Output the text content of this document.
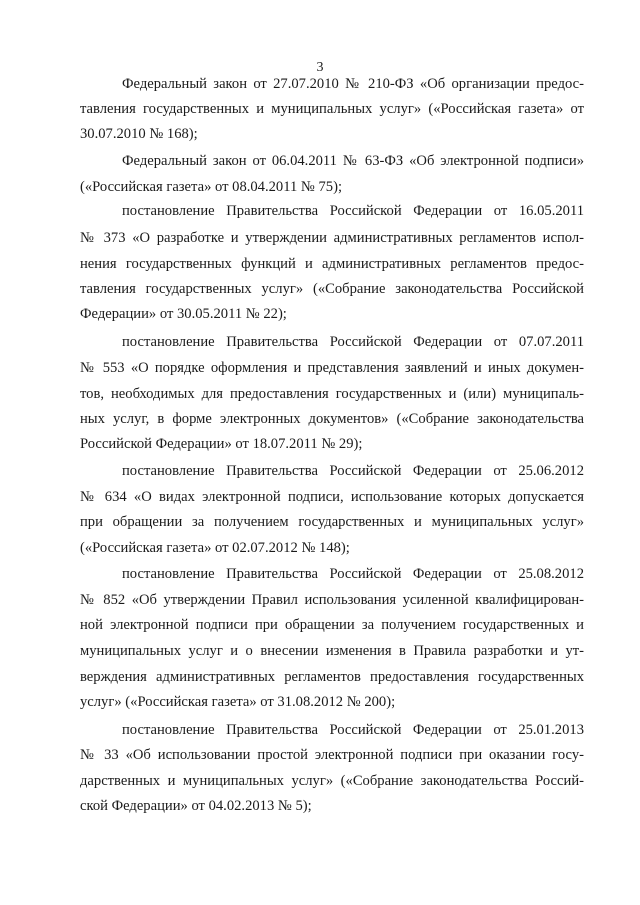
3
Федеральный закон от 27.07.2010 № 210-ФЗ «Об организации предос-
тавления государственных и муниципальных услуг» («Российская газета» от
30.07.2010 № 168);
Федеральный закон от 06.04.2011 № 63-ФЗ «Об электронной подписи»
(«Российская газета» от 08.04.2011 № 75);
постановление Правительства Российской Федерации от 16.05.2011
№ 373 «О разработке и утверждении административных регламентов испол-
нения государственных функций и административных регламентов предос-
тавления государственных услуг» («Собрание законодательства Российской
Федерации» от 30.05.2011 № 22);
постановление Правительства Российской Федерации от 07.07.2011
№ 553 «О порядке оформления и представления заявлений и иных докумен-
тов, необходимых для предоставления государственных и (или) муниципаль-
ных услуг, в форме электронных документов» («Собрание законодательства
Российской Федерации» от 18.07.2011 № 29);
постановление Правительства Российской Федерации от 25.06.2012
№ 634 «О видах электронной подписи, использование которых допускается
при обращении за получением государственных и муниципальных услуг»
(«Российская газета» от 02.07.2012 № 148);
постановление Правительства Российской Федерации от 25.08.2012
№ 852 «Об утверждении Правил использования усиленной квалифицирован-
ной электронной подписи при обращении за получением государственных и
муниципальных услуг и о внесении изменения в Правила разработки и ут-
верждения административных регламентов предоставления государственных
услуг» («Российская газета» от 31.08.2012 № 200);
постановление Правительства Российской Федерации от 25.01.2013
№ 33 «Об использовании простой электронной подписи при оказании госу-
дарственных и муниципальных услуг» («Собрание законодательства Россий-
ской Федерации» от 04.02.2013 № 5);
